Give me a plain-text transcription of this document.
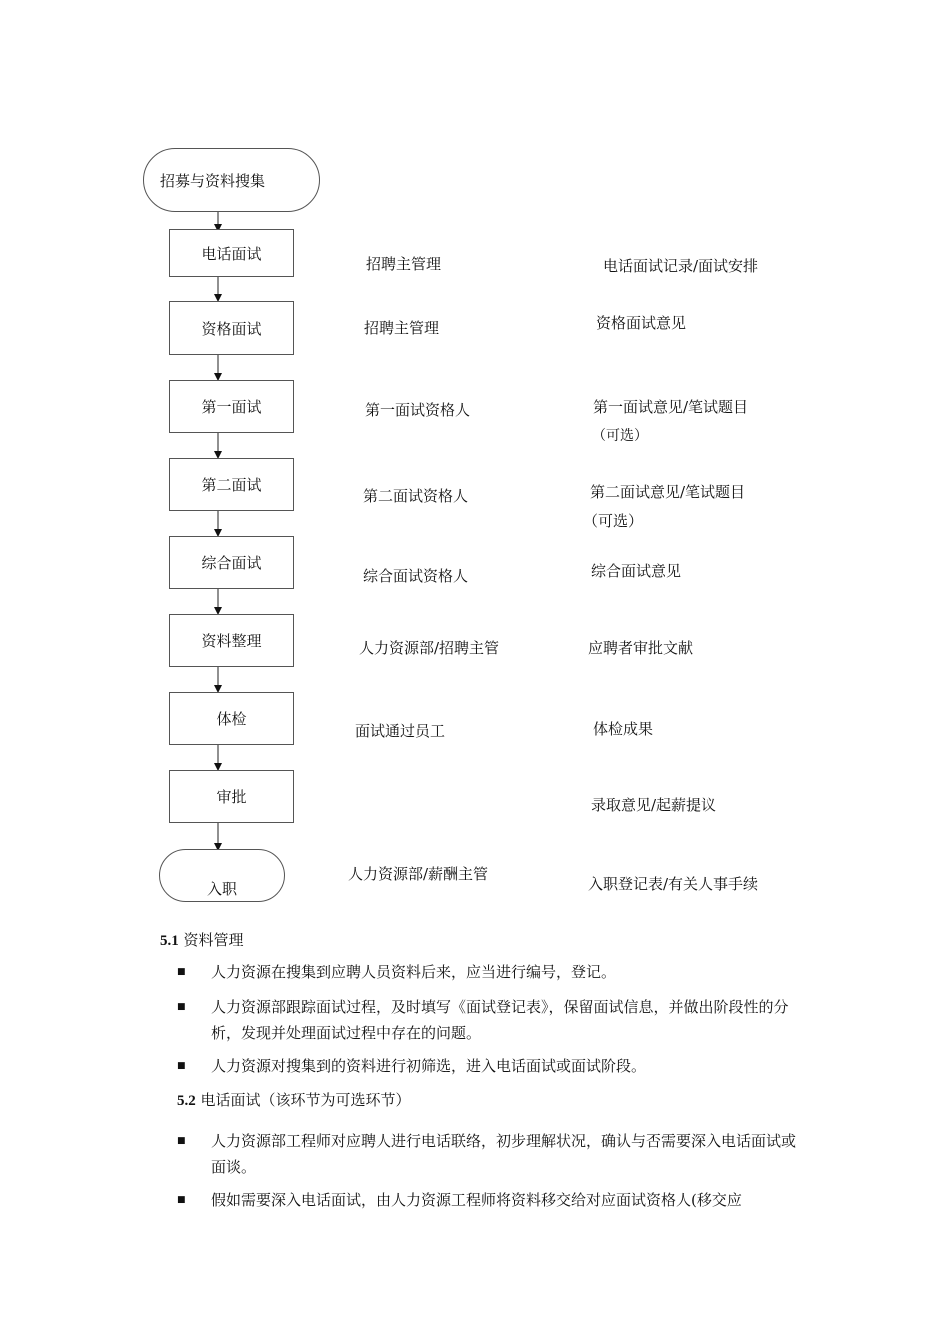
招募与资料搜集
电话面试
资格面试
第一面试
第二面试
综合面试
资料整理
体检
审批
入职
招聘主管理
招聘主管理
第一面试资格人
第二面试资格人
综合面试资格人
人力资源部/招聘主管
面试通过员工
人力资源部/薪酬主管
电话面试记录/面试安排
资格面试意见
第一面试意见/笔试题目
（可选）
第二面试意见/笔试题目
（可选）
综合面试意见
应聘者审批文献
体检成果
录取意见/起薪提议
入职登记表/有关人事手续
5.1 资料管理
■ 人力资源在搜集到应聘人员资料后来，应当进行编号，登记。
■ 人力资源部跟踪面试过程，及时填写《面试登记表》，保留面试信息，并做出阶段性的分析，发现并处理面试过程中存在的问题。
■ 人力资源对搜集到的资料进行初筛选，进入电话面试或面试阶段。
5.2 电话面试（该环节为可选环节）
■ 人力资源部工程师对应聘人进行电话联络，初步理解状况，确认与否需要深入电话面试或面谈。
■ 假如需要深入电话面试，由人力资源工程师将资料移交给对应面试资格人(移交应
